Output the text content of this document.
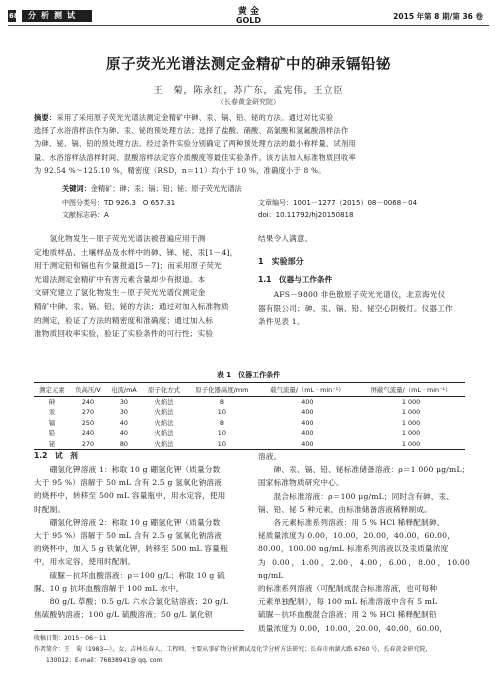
68	分析测试	黄 金
GOLD	2015 年第 8 期/第 36 卷
原子荧光光谱法测定金精矿中的砷汞镉铅铋
王　菊，陈永红，苏广东，孟宪伟，王立臣
（长春黄金研究院）
摘要：采用了采用原子荧光光谱法测定金精矿中砷、汞、镉、铅、铋的方法。通过对比实验
选择了水浴溶样法作为砷、汞、铋的预处理方法；选择了盐酸、硝酸、高氯酸和氢氟酸溶样法作
为砷、铋、镉、铅的预处理方法。经过条件实验分别确定了两种预处理方法的最小称样量、试剂用
量、水浴溶样法溶样时间、混酸溶样法定容介质酸度等最佳实验条件。该方法加入标准物质回收率
为 92.54 %～125.10 %，精密度（RSD，n＝11）均小于 10 %，准确度小于 8 %。
关键词：金精矿；砷；汞；镉；铅；铋；原子荧光光谱法
中图分类号：TD 926.3　O 657.31
文献标志码：A
文章编号：1001－1277（2015）08－0068－04
doi：10.11792/hj20150818
　　氢化物发生－原子荧光光谱法被普遍应用于测
定地质样品、土壤样品及水样中的砷、锑、铋、汞[1－4]，
用于测定铅和镉也有少量报道[5－7]；而采用原子荧光
光谱法测定金精矿中有害元素含量却少有报道。本
文研究建立了氢化物发生－原子荧光光谱仪测定金
精矿中砷、汞、镉、铅、铋的方法；通过对加入标准物质
的测定，验证了方法的精密度和准确度；通过加入标
准物质回收率实验，验证了实验条件的可行性；实验
结果令人满意。
1　实验部分
1.1　仪器与工作条件
　　AFS－9800 非色散原子荧光光谱仪，北京海光仪
器有限公司；砷、汞、镉、铅、铋空心阴极灯。仪器工作
条件见表 1。
表 1　仪器工作条件
测定元素	负高压/V	电流/mA	原子化方式	原子化器高度/mm	载气流量/（mL · min⁻¹）	屏蔽气流量/（mL · min⁻¹）
砷	240	30	火焰法	8	400	1 000
汞	270	30	火焰法	10	400	1 000
镉	250	40	火焰法	8	400	1 000
铅	240	40	火焰法	10	400	1 000
铋	270	80	火焰法	10	400	1 000
1.2　试　剂
　　硼氢化钾溶液 1：称取 10 g 硼氢化钾（质量分数
大于 95 %）溶解于 50 mL 含有 2.5 g 氢氧化钠溶液
的烧杯中，转移至 500 mL 容量瓶中，用水定容，使用
时配制。
　　硼氢化钾溶液 2：称取 10 g 硼氢化钾（质量分数
大于 95 %）溶解于 50 mL 含有 2.5 g 氢氧化钠溶液
的烧杯中，加入 5 g 铁氰化钾，转移至 500 mL 容量瓶
中，用水定容，使用时配制。
　　硫脲－抗坏血酸溶液：ρ＝100 g/L；称取 10 g 硫
脲、10 g 抗坏血酸溶解于 100 mL 水中。
　　80 g/L 草酸；0.5 g/L 六水合氯化钴溶液；20 g/L
焦硫酸钠溶液；100 g/L 硫酸溶液；50 g/L 氯化钡
溶液。
　　砷、汞、镉、铅、铋标准储备溶液：ρ＝1 000 μg/mL；
国家标准物质研究中心。
　　混合标准溶液：ρ＝100 μg/mL；同时含有砷、汞、
镉、铅、铋 5 种元素，由标准储备溶液稀释制成。
　　各元素标准系列溶液：用 5 % HCl 稀释配制砷、
铋质量浓度为 0.00，10.00，20.00，40.00，60.00，
80.00，100.00 ng/mL 标准系列溶液以及汞质量浓度
为 0.00，1.00，2.00，4.00，6.00，8.00，10.00 ng/mL
的标准系列溶液（可配制成混合标准溶液，也可每种
元素单独配制），每 100 mL 标准溶液中含有 5 mL
硫脲－抗坏血酸混合溶液；用 2 % HCl 稀释配制铅
质量浓度为 0.00，10.00，20.00，40.00，60.00，
收稿日期：2015－06－11
作者简介：王　菊（1983—），女，吉林长春人，工程师，主要从事矿物分析测试及化学分析方法研究；长春市南湖大路 6760 号，长春黄金研究院，
　　130012；E-mail：76838941@ qq. com
